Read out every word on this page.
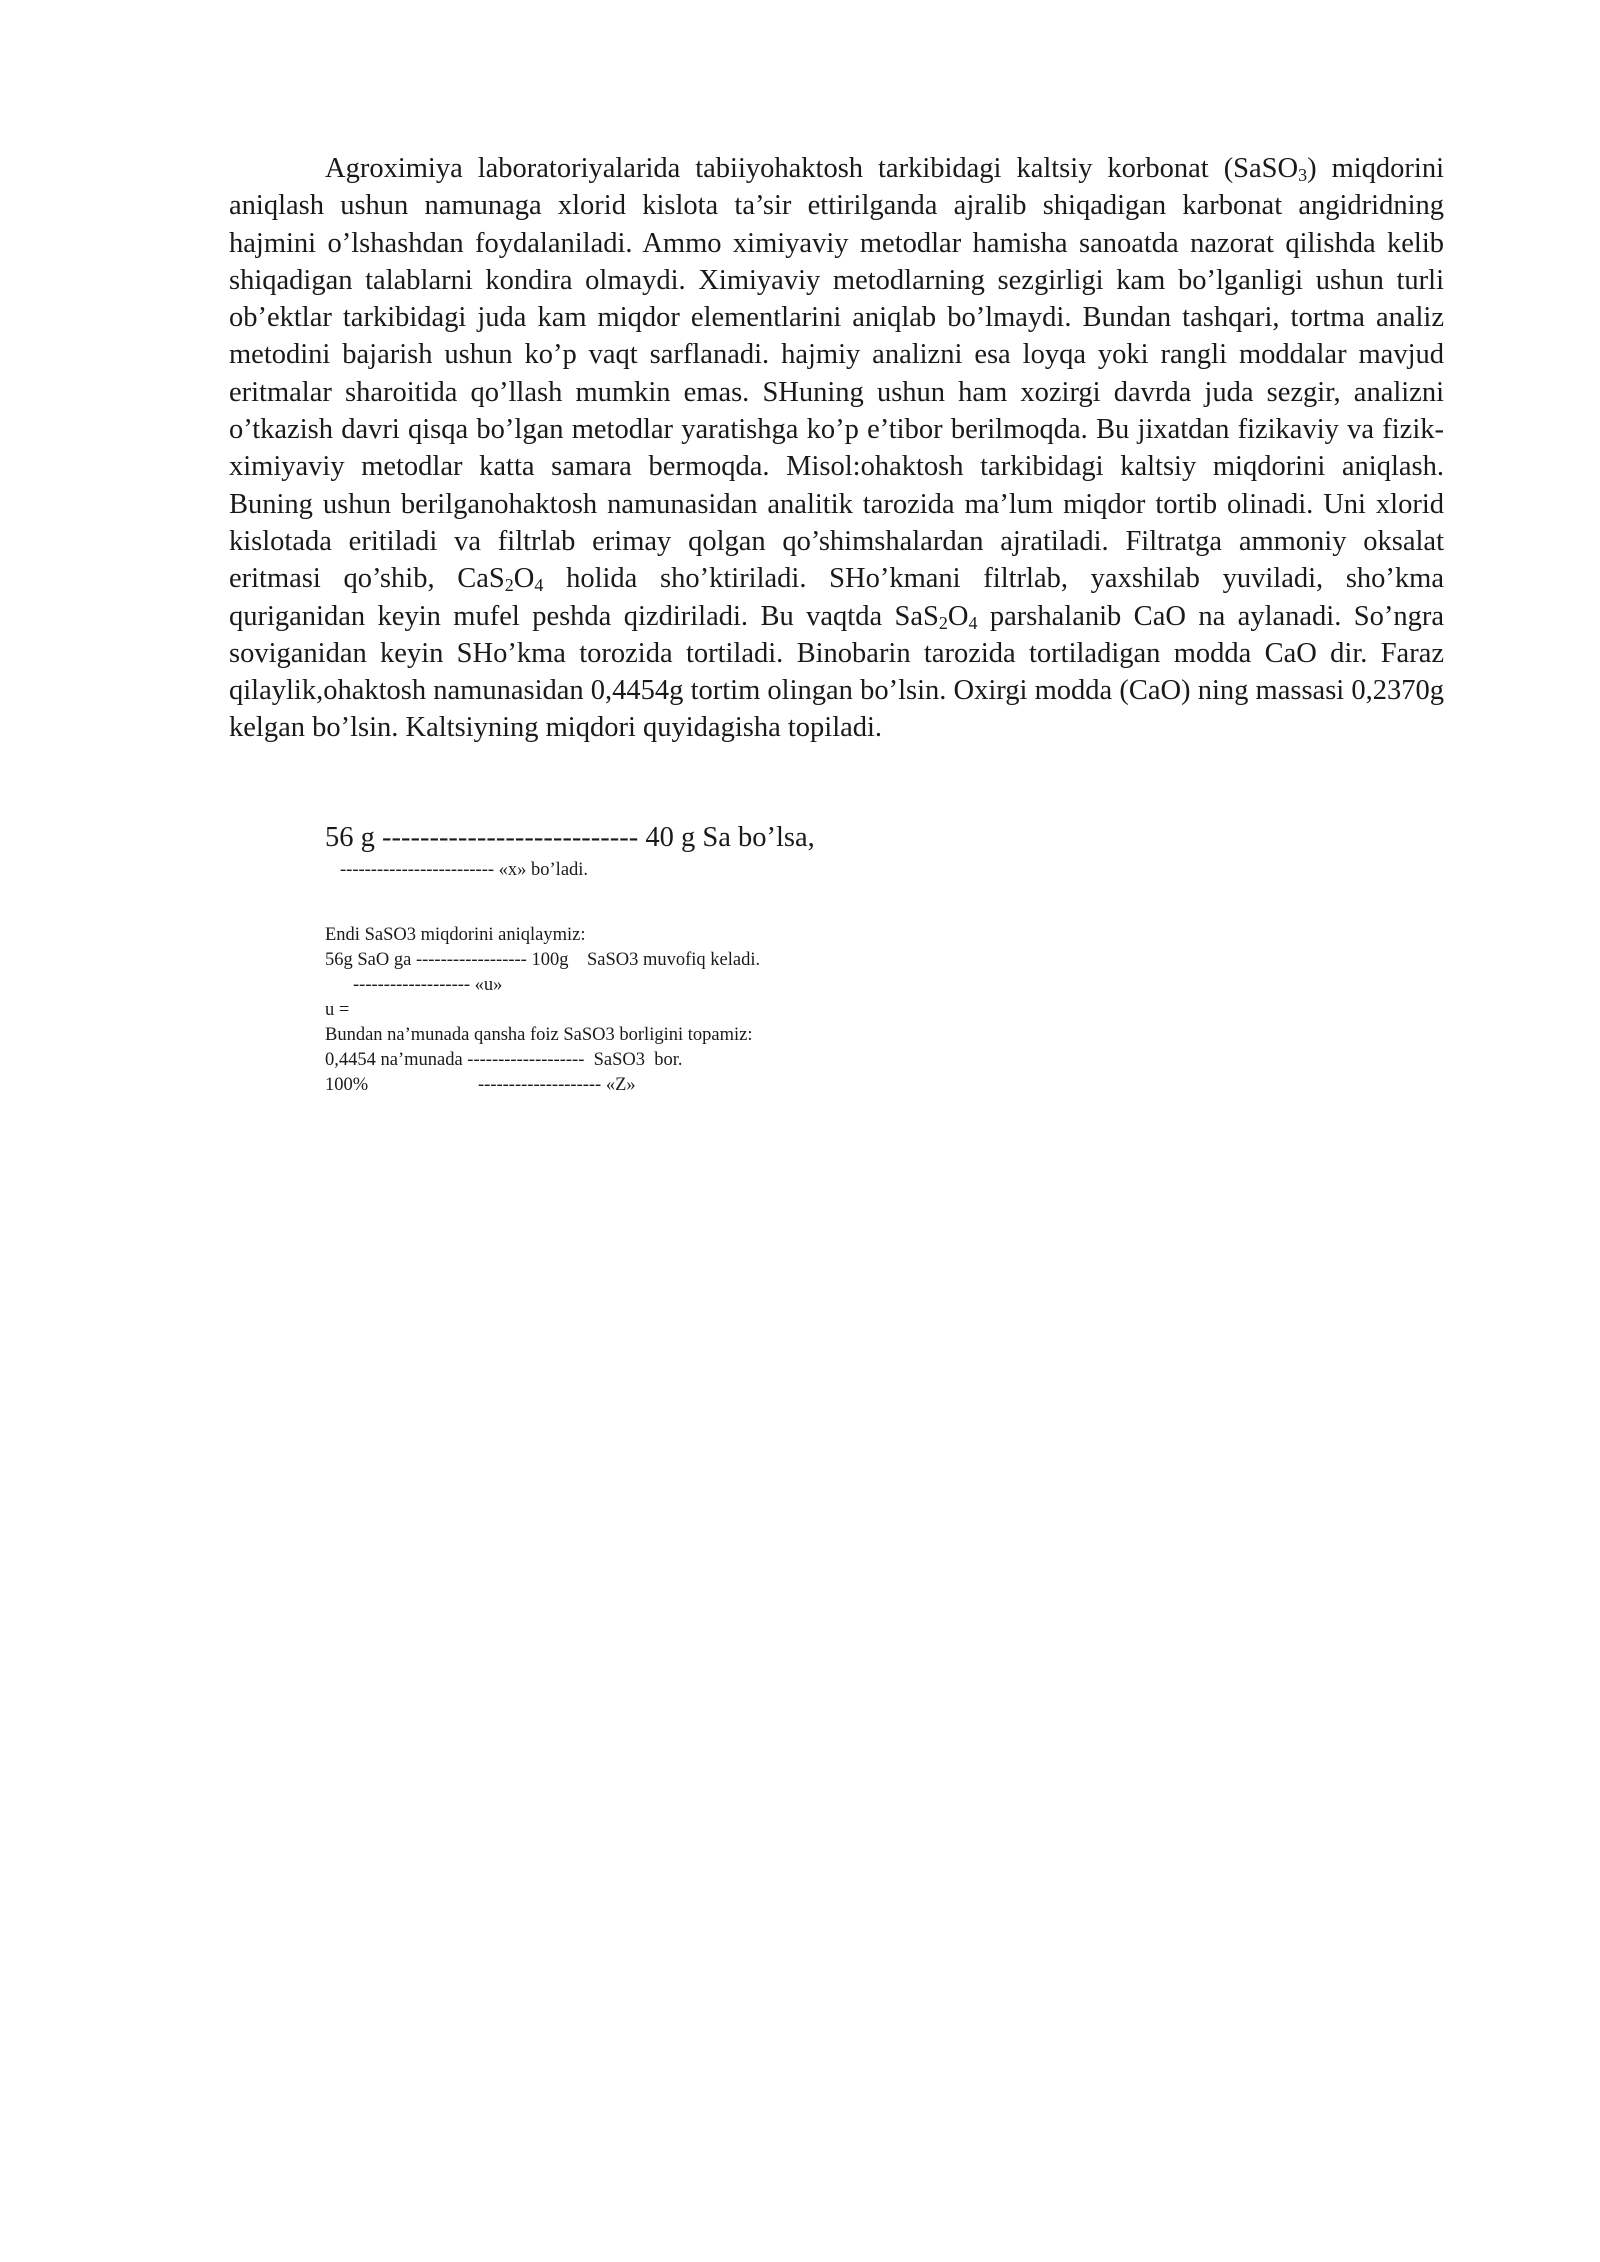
Agroximiya laboratoriyalarida tabiiyohaktosh tarkibidagi kaltsiy korbonat (SaSO$_3$) miqdorini aniqlash ushun namunaga xlorid kislota ta’sir ettirilganda ajralib shiqadigan karbonat angidridning hajmini o’lshashdan foydalaniladi. Ammo ximiyaviy metodlar hamisha sanoatda nazorat qilishda kelib shiqadigan talablarni kondira olmaydi. Ximiyaviy metodlarning sezgirligi kam bo’lganligi ushun turli ob’ektlar tarkibidagi juda kam miqdor elementlarini aniqlab bo’lmaydi. Bundan tashqari, tortma analiz metodini bajarish ushun ko’p vaqt sarflanadi. hajmiy analizni esa loyqa yoki rangli moddalar mavjud eritmalar sharoitida qo’llash mumkin emas. SHuning ushun ham xozirgi davrda juda sezgir, analizni o’tkazish davri qisqa bo’lgan metodlar yaratishga ko’p e’tibor berilmoqda. Bu jixatdan fizikaviy va fizik-ximiyaviy metodlar katta samara bermoqda. Misol:ohaktosh tarkibidagi kaltsiy miqdorini aniqlash. Buning ushun berilganohaktosh namunasidan analitik tarozida ma’lum miqdor tortib olinadi. Uni xlorid kislotada eritiladi va filtrlab erimay qolgan qo’shimshalardan ajratiladi. Filtratga ammoniy oksalat eritmasi qo’shib, $CaS_2O_4$ holida sho’ktiriladi. SHo’kmani filtrlab, yaxshilab yuviladi, sho’kma quriganidan keyin mufel peshda qizdiriladi. Bu vaqtda $SaS_2O_4$ parshalanib CaO na aylanadi. So’ngra soviganidan keyin SHo’kma torozida tortiladi. Binobarin tarozida tortiladigan modda CaO dir. Faraz qilaylik,ohaktosh namunasidan 0,4454g tortim olingan bo’lsin. Oxirgi modda (CaO) ning massasi 0,2370g kelgan bo’lsin. Kaltsiyning miqdori quyidagisha topiladi.

56 g --------------------------- 40 g Sa bo’lsa,
------------------------- «x» bo’ladi.
Endi SaSO3 miqdorini aniqlaymiz:
56g SaO ga ------------------ 100g    SaSO3 muvofiq keladi.
------------------- «u»
u =
Bundan na’munada qansha foiz SaSO3 borligini topamiz:
0,4454 na’munada -------------------  SaSO3  bor.
100%	-------------------- «Z»
